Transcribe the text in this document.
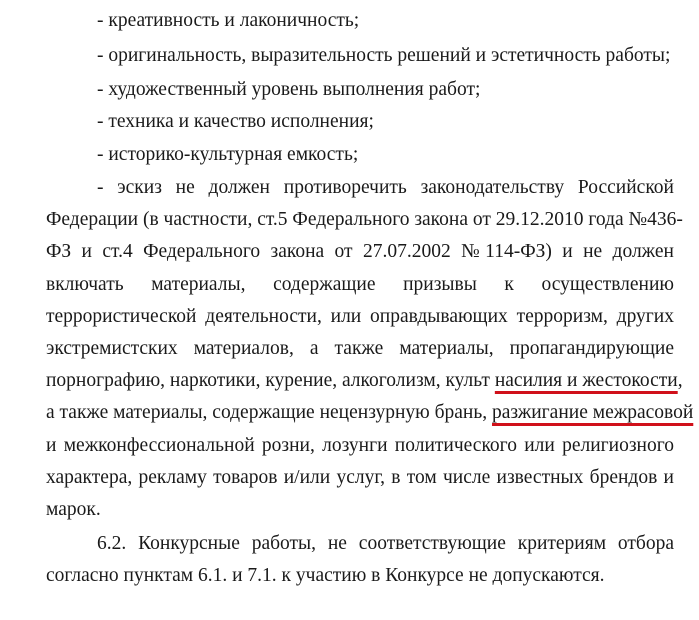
- креативность и лаконичность;
- оригинальность, выразительность решений и эстетичность работы;
- художественный уровень выполнения работ;
- техника и качество исполнения;
- историко-культурная емкость;
- эскиз не должен противоречить законодательству Российской
Федерации (в частности, ст.5 Федерального закона от 29.12.2010 года №436-
ФЗ и ст.4 Федерального закона от 27.07.2002 №114-ФЗ) и не должен
включать материалы, содержащие призывы к осуществлению
террористической деятельности, или оправдывающих терроризм, других
экстремистских материалов, а также материалы, пропагандирующие
порнографию, наркотики, курение, алкоголизм, культ насилия и жестокости,
а также материалы, содержащие нецензурную брань, разжигание межрасовой
и межконфессиональной розни, лозунги политического или религиозного
характера, рекламу товаров и/или услуг, в том числе известных брендов и
марок.
6.2. Конкурсные работы, не соответствующие критериям отбора
согласно пунктам 6.1. и 7.1. к участию в Конкурсе не допускаются.
